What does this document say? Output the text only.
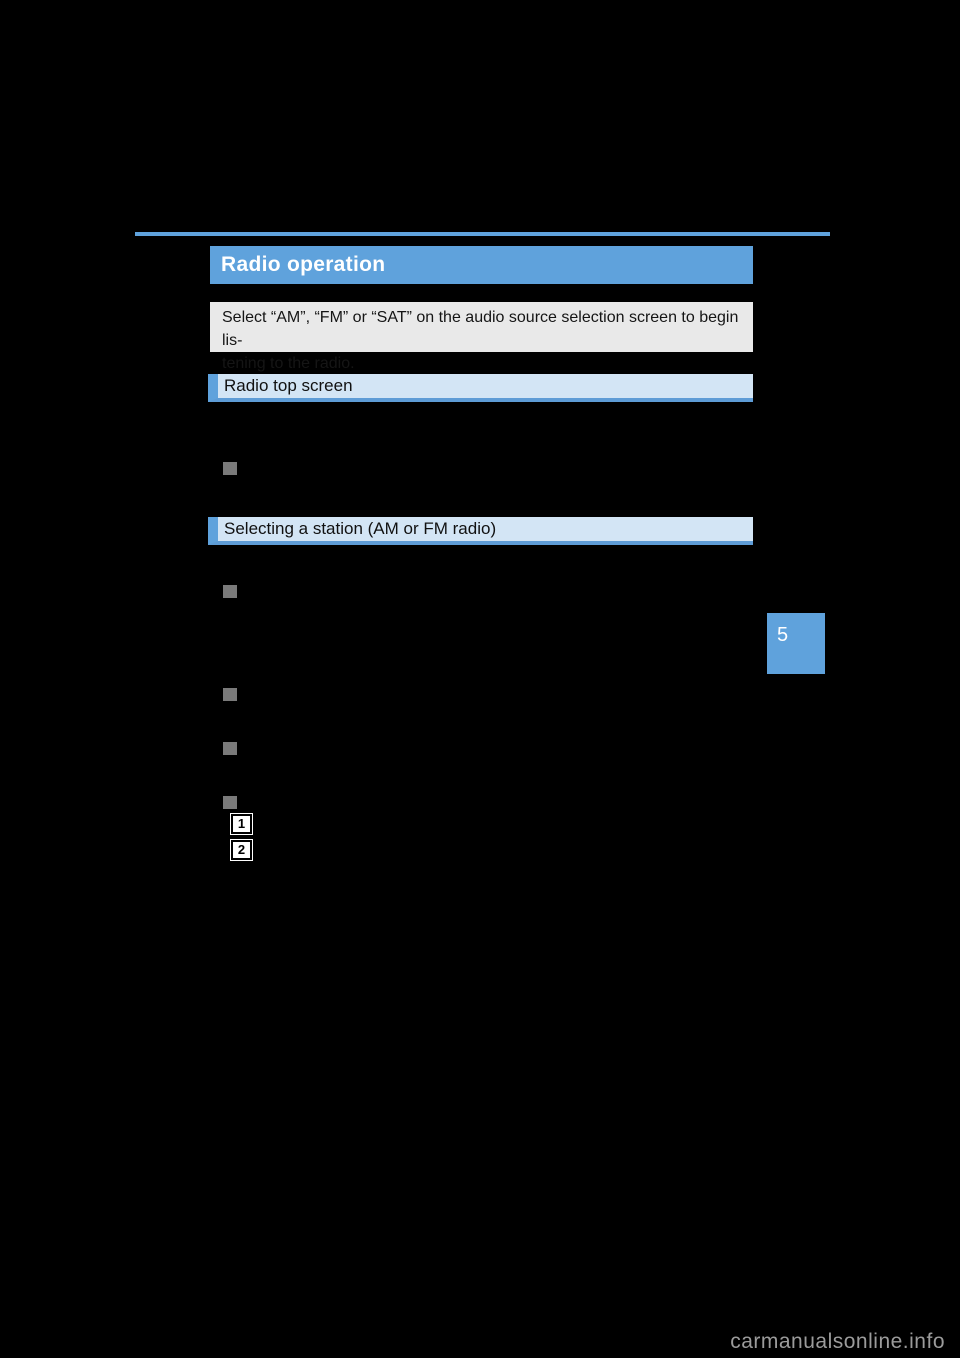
Radio operation
Select “AM”, “FM” or “SAT” on the audio source selection screen to begin lis-
tening to the radio.
Radio top screen
Selecting a station (AM or FM radio)
1
2
5
carmanualsonline.info
